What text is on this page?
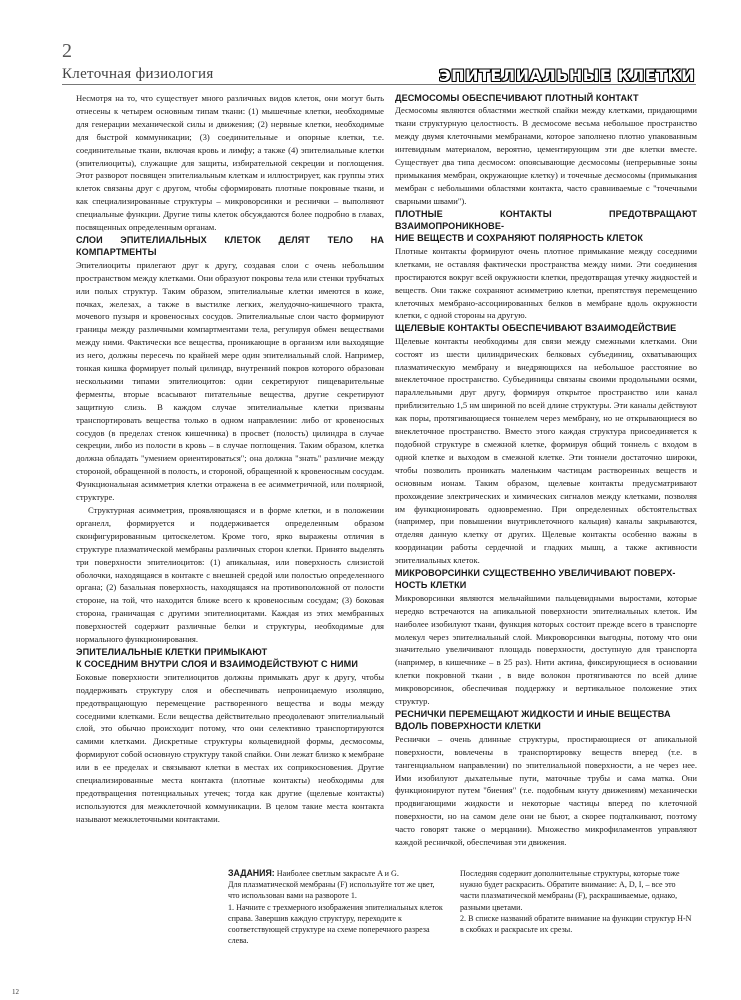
2
Клеточная физиология	ЭПИТЕЛИАЛЬНЫЕ КЛЕТКИ

Несмотря на то, что существует много различных видов клеток, они могут быть отнесены к четырем основным типам ткани: (1) мышечные клетки, необходимые для генерации механической силы и движения; (2) нервные клетки, необходимые для быстрой коммуникации; (3) соединительные и опорные клетки, т.е. соединительные ткани, включая кровь и лимфу; а также (4) эпителиальные клетки (эпителиоциты), служащие для защиты, избирательной секреции и поглощения. Этот разворот посвящен эпителиальным клеткам и иллюстрирует, как группы этих клеток связаны друг с другом, чтобы сформировать плотные покровные ткани, и как специализированные структуры – микроворсинки и реснички – выполняют специальные функции. Другие типы клеток обсуждаются более подробно в главах, посвященных определенным органам.

СЛОИ ЭПИТЕЛИАЛЬНЫХ КЛЕТОК ДЕЛЯТ ТЕЛО НА КОМПАРТМЕНТЫ

Эпителиоциты прилегают друг к другу, создавая слои с очень небольшим пространством между клетками. Они образуют покровы тела или стенки трубчатых или полых структур. Таким образом, эпителиальные клетки имеются в коже, почках, железах, а также в выстилке легких, желудочно-кишечного тракта, мочевого пузыря и кровеносных сосудов. Эпителиальные слои часто формируют границы между различными компартментами тела, регулируя обмен веществами между ними. Фактически все вещества, проникающие в организм или выходящие из него, должны пересечь по крайней мере один эпителиальный слой. Например, тонкая кишка формирует полый цилиндр, внутренний покров которого образован несколькими типами эпителиоцитов: одни секретируют пищеварительные ферменты, вторые всасывают питательные вещества, другие секретируют защитную слизь. В каждом случае эпителиальные клетки призваны транспортировать вещества только в одном направлении: либо от кровеносных сосудов (в пределах стенок кишечника) в просвет (полость) цилиндра в случае секреции, либо из полости в кровь – в случае поглощения. Таким образом, клетка должна обладать "умением ориентироваться"; она должна "знать" различие между стороной, обращенной в полость, и стороной, обращенной к кровеносным сосудам. Функциональная асимметрия клетки отражена в ее асимметричной, или полярной, структуре.

Структурная асимметрия, проявляющаяся и в форме клетки, и в положении органелл, формируется и поддерживается определенным образом сконфигурированным цитоскелетом. Кроме того, ярко выражены отличия в структуре плазматической мембраны различных сторон клетки. Принято выделять три поверхности эпителиоцитов: (1) апикальная, или поверхность слизистой оболочки, находящаяся в контакте с внешней средой или полостью определенного органа; (2) базальная поверхность, находящаяся на противоположной от полости стороне, на той, что находится ближе всего к кровеносным сосудам; (3) боковая сторона, граничащая с другими эпителиоцитами. Каждая из этих мембранных поверхностей содержит различные белки и структуры, необходимые для нормального функционирования.

ЭПИТЕЛИАЛЬНЫЕ КЛЕТКИ ПРИМЫКАЮТ
К СОСЕДНИМ ВНУТРИ СЛОЯ И ВЗАИМОДЕЙСТВУЮТ С НИМИ

Боковые поверхности эпителиоцитов должны примыкать друг к другу, чтобы поддерживать структуру слоя и обеспечивать непроницаемую изоляцию, предотвращающую перемещение растворенного вещества и воды между соседними клетками. Если вещества действительно преодолевают эпителиальный слой, это обычно происходит потому, что они селективно транспортируются самими клетками. Дискретные структуры кольцевидной формы, десмосомы, формируют собой основную структуру такой спайки. Они лежат близко к мембране или в ее пределах и связывают клетки в местах их соприкосновения. Другие специализированные места контакта (плотные контакты) необходимы для предотвращения потенциальных утечек; тогда как другие (щелевые контакты) используются для межклеточной коммуникации. В целом такие места контакта называют межклеточными контактами.

ДЕСМОСОМЫ ОБЕСПЕЧИВАЮТ ПЛОТНЫЙ КОНТАКТ

Десмосомы являются областями жесткой спайки между клетками, придающими ткани структурную целостность. В десмосоме весьма небольшое пространство между двумя клеточными мембранами, которое заполнено плотно упакованным интевидным материалом, вероятно, цементирующим эти две клетки вместе. Существует два типа десмосом: опоясывающие десмосомы (непрерывные зоны примыкания мембран, окружающие клетку) и точечные десмосомы (примыкания мембран с небольшими областями контакта, часто сравниваемые с "точечными сварными швами").

ПЛОТНЫЕ КОНТАКТЫ ПРЕДОТВРАЩАЮТ ВЗАИМОПРОНИКНОВЕ-
НИЕ ВЕЩЕСТВ И СОХРАНЯЮТ ПОЛЯРНОСТЬ КЛЕТОК

Плотные контакты формируют очень плотное примыкание между соседними клетками, не оставляя фактически пространства между ними. Эти соединения простираются вокруг всей окружности клетки, предотвращая утечку жидкостей и веществ. Они также сохраняют асимметрию клетки, препятствуя перемещению клеточных мембрано-ассоциированных белков в мембране вдоль окружности клетки, с одной стороны на другую.

ЩЕЛЕВЫЕ КОНТАКТЫ ОБЕСПЕЧИВАЮТ ВЗАИМОДЕЙСТВИЕ

Щелевые контакты необходимы для связи между смежными клетками. Они состоят из шести цилиндрических белковых субъединиц, охватывающих плазматическую мембрану и внедряющихся на небольшое расстояние во внеклеточное пространство. Субъединицы связаны своими продольными осями, параллельными друг другу, формируя открытое пространство или канал приблизительно 1,5 нм шириной по всей длине структуры. Эти каналы действуют как поры, протягивающиеся тоннелем через мембрану, но не открывающиеся во внеклеточное пространство. Вместо этого каждая структура присоединяется к подобной структуре в смежной клетке, формируя общий тоннель с входом в одной клетке и выходом в смежной клетке. Эти тоннели достаточно широки, чтобы позволить проникать маленьким частицам растворенных веществ и основным ионам. Таким образом, щелевые контакты предусматривают прохождение электрических и химических сигналов между клетками, позволяя им функционировать одновременно. При определенных обстоятельствах (например, при повышении внутриклеточного кальция) каналы закрываются, отделяя данную клетку от других. Щелевые контакты особенно важны в координации работы сердечной и гладких мышц, а также активности эпителиальных клеток.

МИКРОВОРСИНКИ СУЩЕСТВЕННО УВЕЛИЧИВАЮТ ПОВЕРХ-
НОСТЬ КЛЕТКИ

Микроворсинки являются мельчайшими пальцевидными выростами, которые нередко встречаются на апикальной поверхности эпителиальных клеток. Им наиболее изобилуют ткани, функция которых состоит прежде всего в транспорте молекул через эпителиальный слой. Микроворсинки выгодны, потому что они значительно увеличивают площадь поверхности, доступную для транспорта (например, в кишечнике – в 25 раз). Нити актина, фиксирующиеся в основании клетки покровной ткани , в виде волокон протягиваются по всей длине микроворсинок, обеспечивая поддержку и вертикальное положение этих структур.

РЕСНИЧКИ ПЕРЕМЕЩАЮТ ЖИДКОСТИ И ИНЫЕ ВЕЩЕСТВА
ВДОЛЬ ПОВЕРХНОСТИ КЛЕТКИ

Реснички – очень длинные структуры, простирающиеся от апикальной поверхности, вовлечены в транспортировку веществ вперед (т.е. в тангенциальном направлении) по эпителиальной поверхности, а не через нее. Ими изобилуют дыхательные пути, маточные трубы и сама матка. Они функционируют путем "биения" (т.е. подобным кнуту движениям) механически продвигающими жидкости и некоторые частицы вперед по клеточной поверхности, но на самом деле они не бьют, а скорее подталкивают, поэтому часто говорят также о мерцании). Множество микрофиламентов управляют каждой ресничкой, обеспечивая эти движения.

ЗАДАНИЯ: Наиболее светлым закрасьте A и G.

Для плазматической мембраны (F) используйте тот же цвет, что использован вами на развороте 1.

1. Начните с трехмерного изображения эпителиальных клеток справа. Завершив каждую структуру, переходите к соответствующей структуре на схеме поперечного разреза слева.

Последняя содержит дополнительные структуры, которые тоже нужно будет раскрасить. Обратите внимание: A, D, I, – все это части плазматической мембраны (F), раскрашиваемые, однако, разными цветами.

2. В списке названий обратите внимание на функции структур H-N в скобках и раскрасьте их срезы.

12
